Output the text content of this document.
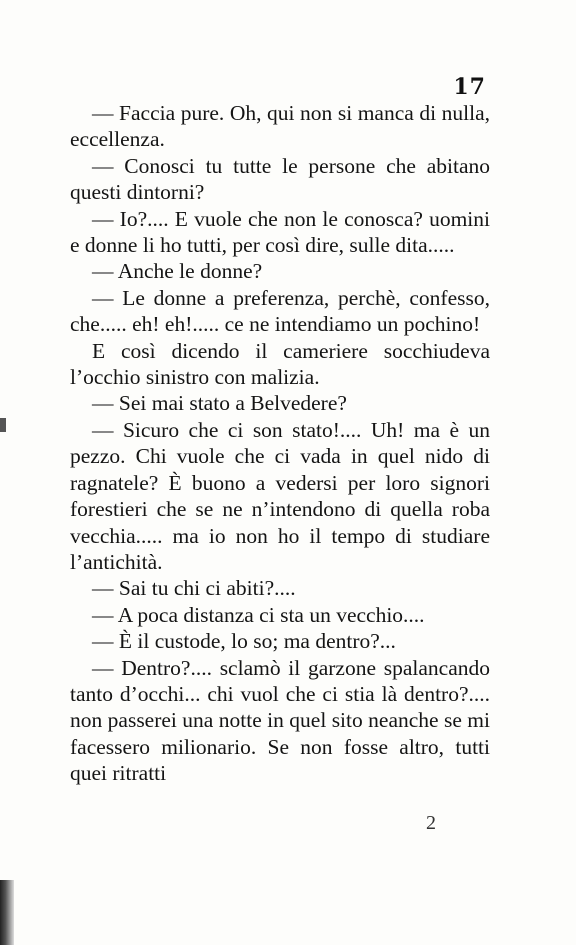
17

— Faccia pure. Oh, qui non si manca di nulla, eccellenza.

— Conosci tu tutte le persone che abitano questi dintorni?

— Io?.... E vuole che non le conosca? uomini e donne li ho tutti, per così dire, sulle dita.....

— Anche le donne?

— Le donne a preferenza, perchè, confesso, che..... eh! eh!..... ce ne intendiamo un pochino!

E così dicendo il cameriere socchiudeva l’occhio sinistro con malizia.

— Sei mai stato a Belvedere?

— Sicuro che ci son stato!.... Uh! ma è un pezzo. Chi vuole che ci vada in quel nido di ragnatele? È buono a vedersi per loro signori forestieri che se ne n’intendono di quella roba vecchia..... ma io non ho il tempo di studiare l’antichità.

— Sai tu chi ci abiti?....

— A poca distanza ci sta un vecchio....

— È il custode, lo so; ma dentro?...

— Dentro?.... sclamò il garzone spalancando tanto d’occhi... chi vuol che ci stia là dentro?.... non passerei una notte in quel sito neanche se mi facessero milionario. Se non fosse altro, tutti quei ritratti

2
